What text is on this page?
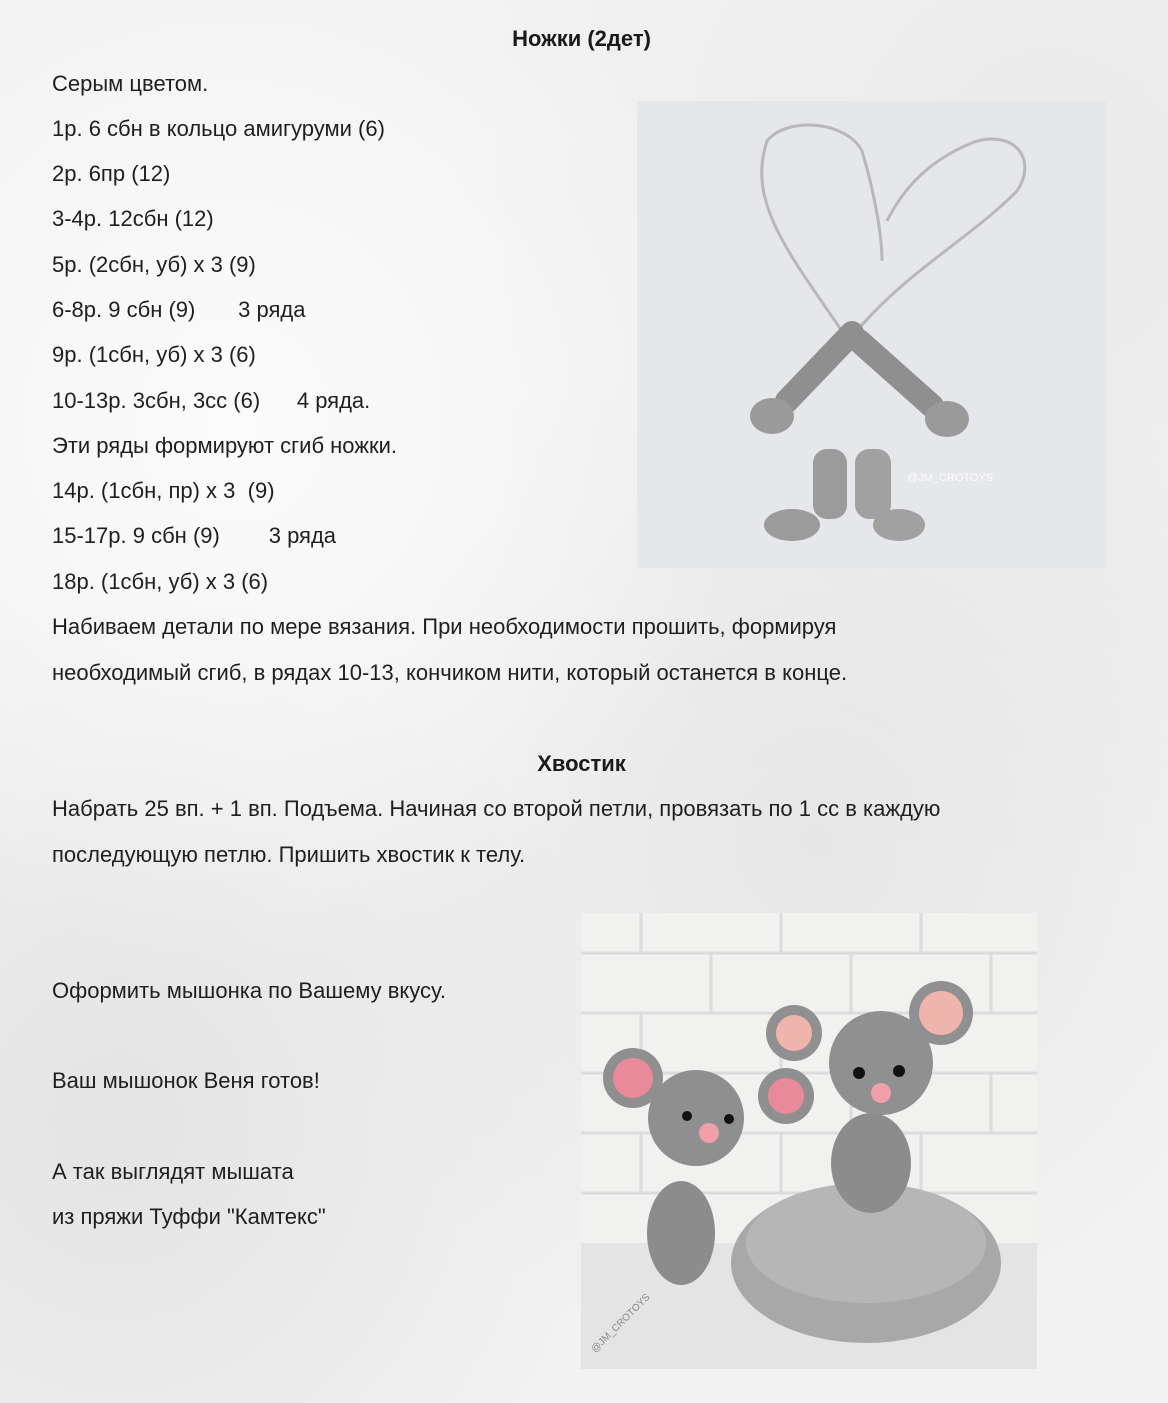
Ножки (2дет)
Серым цветом.
1р. 6 сбн в кольцо амигуруми (6)
2р. 6пр (12)
3-4р. 12сбн (12)
5р. (2сбн, уб) х 3 (9)
6-8р. 9 сбн (9)       3 ряда
9р. (1сбн, уб) х 3 (6)
10-13р. 3сбн, 3сс (6)      4 ряда.
Эти ряды формируют сгиб ножки.
14р. (1сбн, пр) х 3  (9)
15-17р. 9 сбн (9)        3 ряда
18р. (1сбн, уб) х 3 (6)
Набиваем детали по мере вязания. При необходимости прошить, формируя
необходимый сгиб, в рядах 10-13, кончиком нити, который останется в конце.
@JM_CROTOYS
Хвостик
Набрать 25 вп. + 1 вп. Подъема. Начиная со второй петли, провязать по 1 сс в каждую
последующую петлю. Пришить хвостик к телу.
Оформить мышонка по Вашему вкусу.
Ваш мышонок Веня готов!
А так выглядят мышата
из пряжи Туффи "Камтекс"
@JM_CROTOYS
